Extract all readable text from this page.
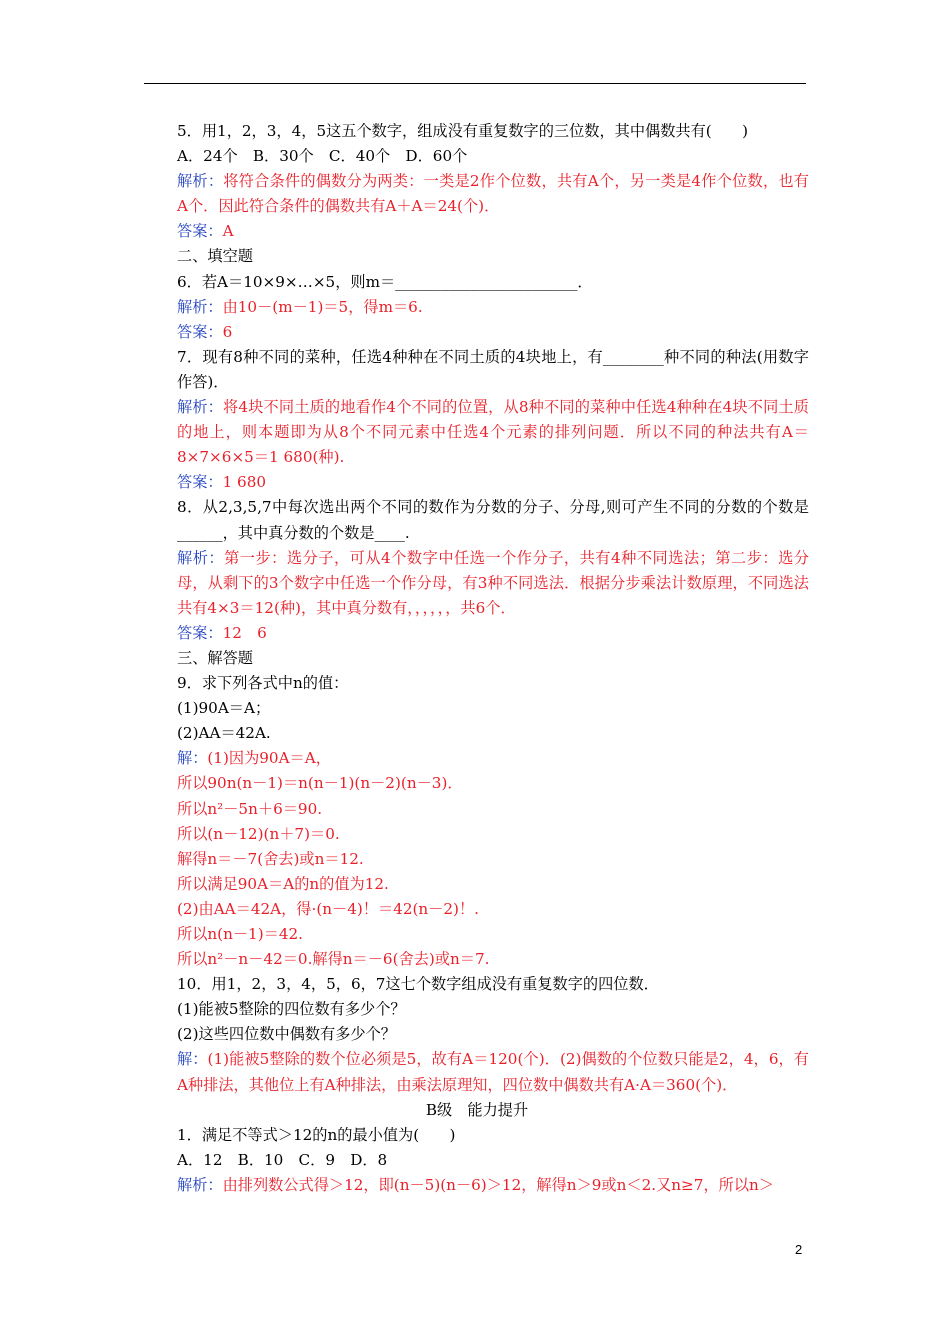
5．用1，2，3，4，5这五个数字，组成没有重复数字的三位数，其中偶数共有(　　)
A．24个　B．30个　C．40个　D．60个
解析：将符合条件的偶数分为两类：一类是2作个位数，共有A个，另一类是4作个位数，也有A个．因此符合条件的偶数共有A＋A＝24(个)．
答案：A
二、填空题
6．若A＝10×9×…×5，则m＝________________________．
解析：由10－(m－1)＝5，得m＝6.
答案：6
7．现有8种不同的菜种，任选4种种在不同土质的4块地上，有________种不同的种法(用数字作答)．
解析：将4块不同土质的地看作4个不同的位置，从8种不同的菜种中任选4种种在4块不同土质的地上，则本题即为从8个不同元素中任选4个元素的排列问题．所以不同的种法共有A＝8×7×6×5＝1 680(种).
答案：1 680
8．从2,3,5,7中每次选出两个不同的数作为分数的分子、分母,则可产生不同的分数的个数是______，其中真分数的个数是____.
解析：第一步：选分子，可从4个数字中任选一个作分子，共有4种不同选法；第二步：选分母，从剩下的3个数字中任选一个作分母，有3种不同选法．根据分步乘法计数原理，不同选法共有4×3＝12(种)，其中真分数有，，，，，，共6个．
答案：12　6
三、解答题
9．求下列各式中n的值：
(1)90A＝A；
(2)AA＝42A.
解：(1)因为90A＝A，
所以90n(n－1)＝n(n－1)(n－2)(n－3)．
所以n²－5n＋6＝90.
所以(n－12)(n＋7)＝0.
解得n＝－7(舍去)或n＝12.
所以满足90A＝A的n的值为12.
(2)由AA＝42A，得·(n－4)！＝42(n－2)！.
所以n(n－1)＝42.
所以n²－n－42＝0.解得n＝－6(舍去)或n＝7.
10．用1，2，3，4，5，6，7这七个数字组成没有重复数字的四位数．
(1)能被5整除的四位数有多少个？
(2)这些四位数中偶数有多少个？
解：(1)能被5整除的数个位必须是5，故有A＝120(个)．(2)偶数的个位数只能是2，4，6，有A种排法，其他位上有A种排法，由乘法原理知，四位数中偶数共有A·A＝360(个)．
B级　能力提升
1．满足不等式＞12的n的最小值为(　　)
A．12　B．10　C．9　D．8
解析：由排列数公式得＞12，即(n－5)(n－6)＞12，解得n＞9或n＜2.又n≥7，所以n＞
2
